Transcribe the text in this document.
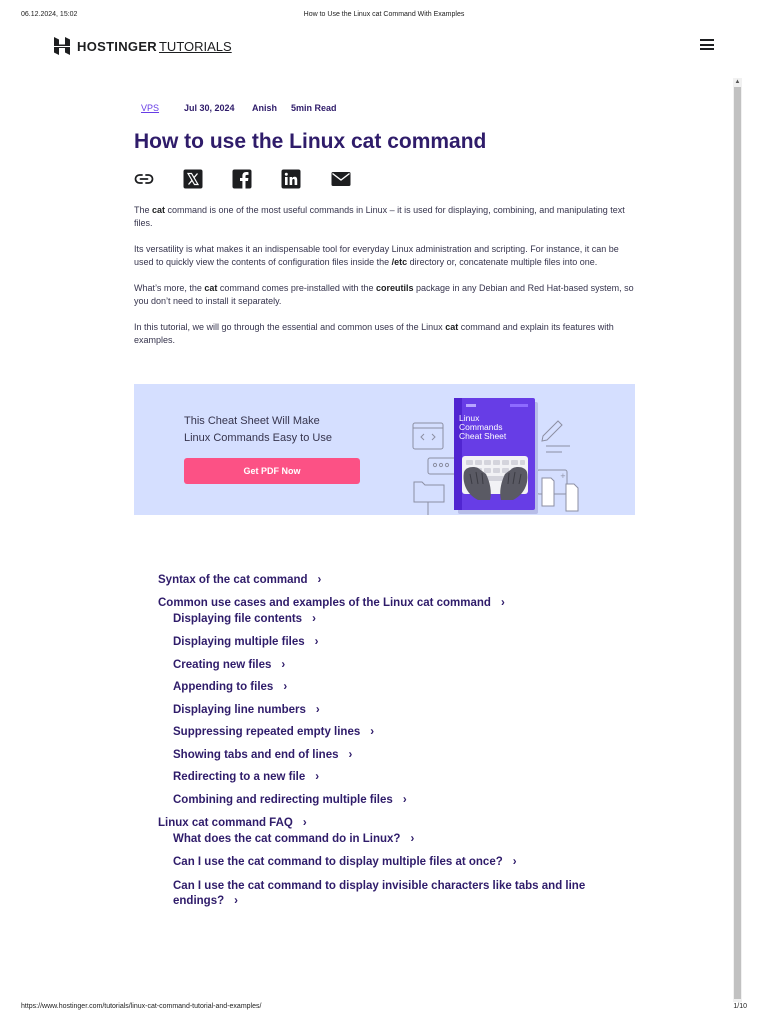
06.12.2024, 15:02	How to Use the Linux cat Command With Examples
HOSTINGER TUTORIALS
▲
VPS	Jul 30, 2024 Anish 5min Read
How to use the Linux cat command

The cat command is one of the most useful commands in Linux – it is used for displaying, combining, and manipulating text files.

Its versatility is what makes it an indispensable tool for everyday Linux administration and scripting. For instance, it can be used to quickly view the contents of configuration files inside the /etc directory or, concatenate multiple files into one.

What’s more, the cat command comes pre-installed with the coreutils package in any Debian and Red Hat-based system, so you don’t need to install it separately.

In this tutorial, we will go through the essential and common uses of the Linux cat command and explain its features with examples.

This Cheat Sheet Will Make
Linux Commands Easy to Use
Get PDF Now	+
Linux
Commands
Cheat Sheet
Syntax of the cat command ›
Common use cases and examples of the Linux cat command ›
Displaying file contents ›
Displaying multiple files ›
Creating new files ›
Appending to files ›
Displaying line numbers ›
Suppressing repeated empty lines ›
Showing tabs and end of lines ›
Redirecting to a new file ›
Combining and redirecting multiple files ›
Linux cat command FAQ ›
What does the cat command do in Linux? ›
Can I use the cat command to display multiple files at once? ›
Can I use the cat command to display invisible characters like tabs and line endings? ›
https://www.hostinger.com/tutorials/linux-cat-command-tutorial-and-examples/	1/10
